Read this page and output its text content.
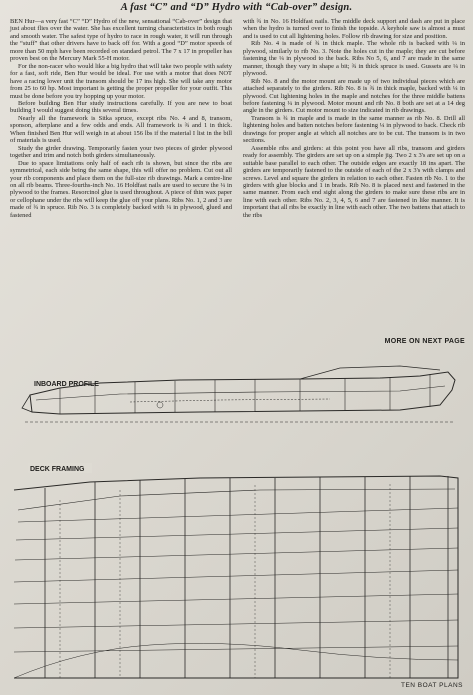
A fast “C” and “D” Hydro with “Cab-over” design.

BEN Hur—a very fast “C” “D” Hydro of the new, sensational “Cab-over” design that just about flies over the water. She has excellent turning characteristics in both rough and smooth water. The safest type of hydro to race in rough water, it will run through the “stuff” that other drivers have to back off for. With a good “D” motor speeds of more than 50 mph have been recorded on standard petrol. The 7 x 17 in propeller has proven best on the Mercury Mark 55-H motor.

For the non-racer who would like a big hydro that will take two people with safety for a fast, soft ride, Ben Hur would be ideal. For use with a motor that does NOT have a racing lower unit the transom should be 17 ins high. She will take any motor from 25 to 60 hp. Most important is getting the proper propeller for your outfit. This must be done before you try hopping up your motor.

Before building Ben Hur study instructions carefully. If you are new to boat building I would suggest doing this several times.

Nearly all the framework is Sitka spruce, except ribs No. 4 and 8, transom, sponson, afterplane and a few odds and ends. All framework is ¾ and 1 in thick. When finished Ben Hur will weigh in at about 156 lbs if the material I list in the bill of materials is used.

Study the girder drawing. Temporarily fasten your two pieces of girder plywood together and trim and notch both girders simultaneously.

Due to space limitations only half of each rib is shown, but since the ribs are symmetrical, each side being the same shape, this will offer no problem. Cut out all your rib components and place them on the full-size rib drawings. Mark a centre-line on all rib beams. Three-fourths-inch No. 16 Holdfast nails are used to secure the ¼ in plywood to the frames. Resorcinol glue is used throughout. A piece of thin wax paper or cellophane under the ribs will keep the glue off your plans. Ribs No. 1, 2 and 3 are made of ¾ in spruce. Rib No. 3 is completely backed with ¼ in plywood, glued and fastened

with ¾ in No. 16 Holdfast nails. The middle deck support and dash are put in place when the hydro is turned over to finish the topside. A keyhole saw is almost a must and is used to cut all lightening holes. Follow rib drawing for size and position.

Rib No. 4 is made of ¾ in thick maple. The whole rib is backed with ¼ in plywood, similarly to rib No. 3. Note the holes cut in the maple; they are cut before fastening the ¼ in plywood to the back. Ribs No 5, 6, and 7 are made in the same manner, though they vary in shape a bit; ¾ in thick spruce is used. Gussets are ¼ in plywood.

Rib No. 8 and the motor mount are made up of two individual pieces which are attached separately to the girders. Rib No. 8 is ¾ in thick maple, backed with ¼ in plywood. Cut lightening holes in the maple and notches for the three middle battens before fastening ¼ in plywood. Motor mount and rib No. 8 both are set at a 14 deg angle in the girders. Cut motor mount to size indicated in rib drawings.

Transom is ¾ in maple and is made in the same manner as rib No. 8. Drill all lightening holes and batten notches before fastening ¼ in plywood to back. Check rib drawings for proper angle at which all notches are to be cut. The transom is in two sections.

Assemble ribs and girders: at this point you have all ribs, transom and girders ready for assembly. The girders are set up on a simple jig. Two 2 x 3's are set up on a suitable base parallel to each other. The outside edges are exactly 18 ins apart. The girders are temporarily fastened to the outside of each of the 2 x 3's with clamps and screws. Level and square the girders in relation to each other. Fasten rib No. 1 to the girders with glue blocks and 1 in brads. Rib No. 8 is placed next and fastened in the same manner. From each end sight along the girders to make sure these ribs are in line with each other. Ribs No. 2, 3, 4, 5, 6 and 7 are fastened in like manner. It is important that all ribs be exactly in line with each other. The two battens that attach to the ribs

MORE ON NEXT PAGE
INBOARD PROFILE
DECK FRAMING
TEN BOAT PLANS
